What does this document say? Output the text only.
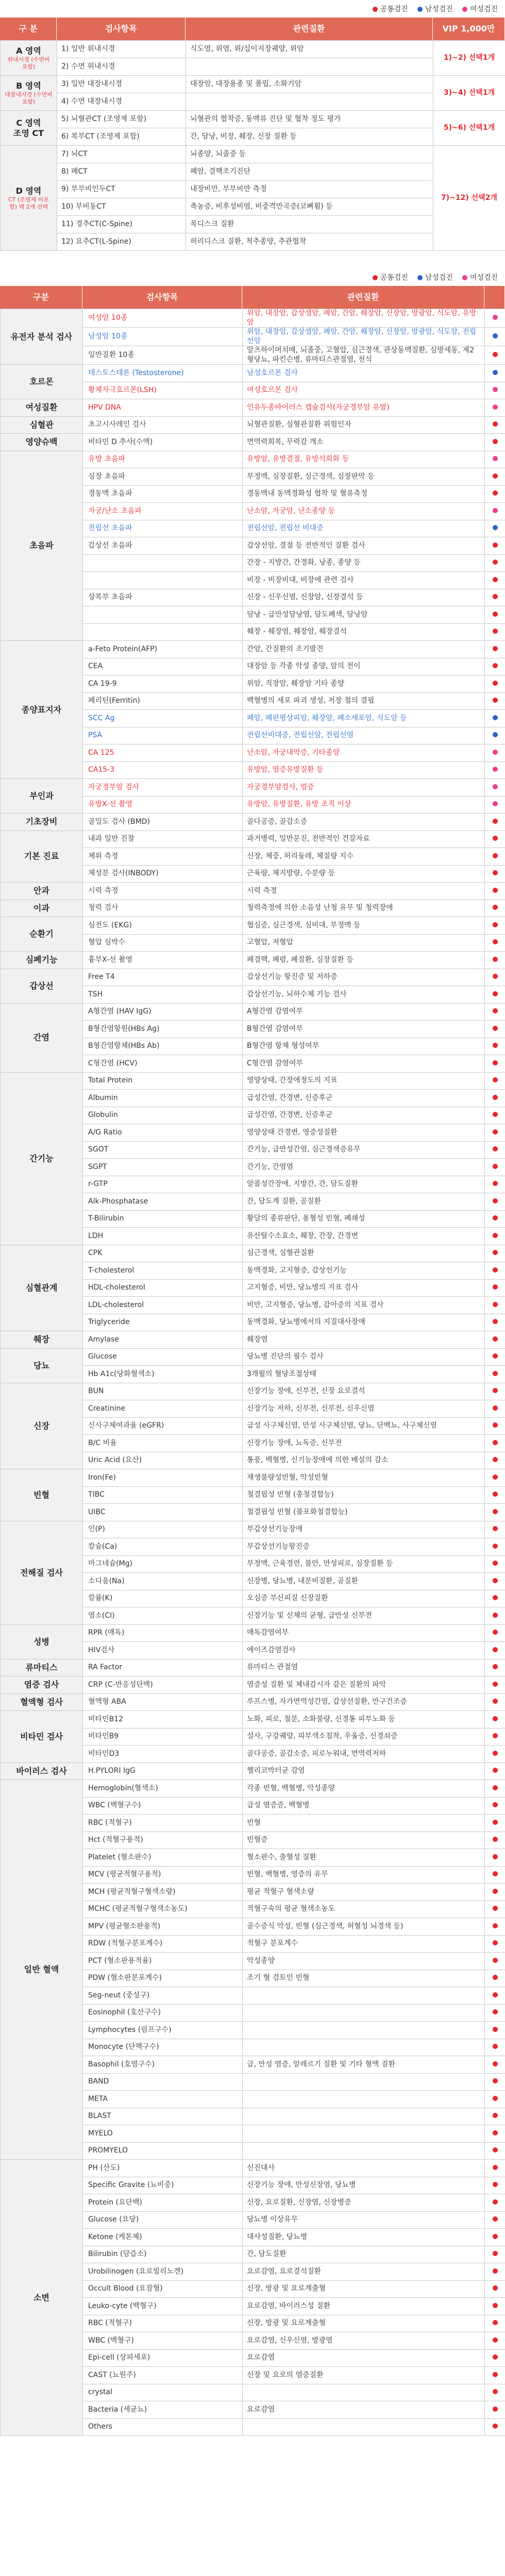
공통검진	남성검진	여성검진
구 분	검사항목	관련질환	VIP 1,000만
A 영역
위내시경 (수면비 포함)	1) 일반 위내시경	식도염, 위염, 위/십이지장궤양, 위암	1)~2) 선택1개
	2) 수면 위내시경		

B 영역
대장내시경 (수면비 포함)	3) 일반 대장내시경	대장암, 대장용종 및 폴립, 소화기암	3)~4) 선택1개
	4) 수면 대장내시경		

C 영역
조영 CT	5) 뇌혈관CT (조영제 포함)	뇌혈관의 협착증, 동맥류 진단 및 협착 정도 평가	5)~6) 선택1개
	6) 복부CT (조영제 포함)	간, 담낭, 비장, 췌장, 신장 질환 등	

D 영역
CT (조영제 미포함) 택 2개 선택	7) 뇌CT	뇌종양, 뇌졸중 등	7)~12) 선택2개
	8) 폐CT	폐암, 결핵조기진단	
	9) 부부비인두CT	내장비만, 부부비만 측정	
	10) 부비동CT	축농증, 비후성비염, 비중격만곡증(코뼈휨) 등	
	11) 경추CT(C-Spine)	목디스크 질환	
	12) 요추CT(L-Spine)	허리디스크 질환, 척추종양, 추관협착	
공통검진	남성검진	여성검진
구분	검사항목	관련질환
유전자 분석 검사	여성암 10종	위암, 대장암, 갑상샘암, 폐암, 간암, 췌장암, 신장암, 방광암, 식도암, 유방암	
	남성암 10종	위암, 대장암, 갑상샘암, 폐암, 간암, 췌장암, 신장암, 방광암, 식도암, 전립선암	
	일반질환 10종	알츠하이머치매, 뇌졸중, 고혈압, 심근경색, 관상동맥질환, 심방세동, 제2형당뇨, 파킨슨병, 류마티스관절염, 천식	
호르몬	테스토스테론 (Testosterone)	남성호르몬 검사	
	황체자극호르몬(LSH)	여성호르몬 검사	
여성질환	HPV DNA	인유두종바이러스 캡슐검사(자궁경부암 유발)	
심혈관	초고시사레인 검사	뇌혈관질환, 심혈관질환 위험인자	
영양슈백	비타민 D 추사(수액)	면역력회복, 무력감 개소	
초음파	유방 초음파	유방암, 유방결절, 유방석회화 등	
	심장 초음파	부정맥, 심장질환, 심근경색, 심장판막 등	
	경동맥 초음파	경동맥내 동맥경화성 협착 및 혈류측정	
	자궁/난소 초음파	난소암, 자궁암, 난소종양 등	
	전립선 초음파	전립선암, 전립선 비대증	
	갑상선 초음파	갑상선암, 결절 등 전반적인 질환 검사	
		간장 - 지방간, 간경화, 낭종, 종양 등	
		비장 - 비장비대, 비장에 관련 검사	
	상복부 초음파	신장 - 신우신염, 신장암, 신장결석 등	
		담낭 - 급만성담낭염, 담도폐색, 담낭암	
		췌장 - 췌장염, 췌장암, 췌장결석	
종양표지자	a-Feto Protein(AFP)	간암, 간질환의 조기발견	
	CEA	대장암 등 각종 악성 종양, 암의 전이	
	CA 19-9	위암, 직장암, 췌장암 기타 종양	
	페리틴(Ferritin)	백혈병의 세포 파괴 생성, 저장 철의 결핍	
	SCC Ag	폐암, 폐편평상피암, 췌장암, 폐소세포암, 식도암 등	
	PSA	전립선비대증, 전립선암, 전립선염	
	CA 125	난소암, 자궁내막증, 기타종양	
	CA15-3	유방암, 염증유방질환 등	
부인과	자궁경부암 검사	자궁경부암검사, 염증	
	유방X-선 촬영	유방암, 유방질환, 유방 조직 이상	
기초장비	골밀도 검사 (BMD)	골다공증, 골감소증	
기본 진료	내과 일반 진찰	과거병력, 일반문진, 전반적인 건강자료	
	체위 측정	신장, 체중, 허리둘레, 체질량 지수	
	체성분 검사(INBODY)	근육량, 체지방량, 수분량 등	
안과	시력 측정	시력 측정	
이과	청력 검사	청력측정에 의한 소음성 난청 유무 및 청력장애	
순환기	심전도 (EKG)	협심증, 심근경색, 심비대, 부정맥 등	
	혈압 심박수	고혈압, 저혈압	
심폐기능	흉부X-선 촬영	폐결핵, 폐렴, 폐질환, 심장질환 등	
갑상선	Free T4	갑상선기능 항진증 및 저하증	
	TSH	갑상선기능, 뇌하수체 기능 검사	
간염	A형간염 (HAV IgG)	A형간염 감염여부	
	B형간염항원(HBs Ag)	B형간염 감염여부	
	B형간염항체(HBs Ab)	B형간염 항체 형성여부	
	C형간염 (HCV)	C형간염 감염여부	
간기능	Total Protein	영양상태, 간장애정도의 지표	
	Albumin	급성간염, 간경변, 신증후군	
	Globulin	급성간염, 간경변, 신증후군	
	A/G Ratio	영양상태 간경변, 영증성질환	
	SGOT	간기능, 급만성간염, 심근경색증유무	
	SGPT	간기능, 간염염	
	r-GTP	알콜성간장애, 지방간, 간, 담도질환	
	Alk-Phosphatase	간, 담도계 질환, 골질환	
	T-Bilirubin	황달의 종류판단, 용혈성 빈혈, 폐쇄성	
	LDH	유산탈수소효소, 췌장, 간장, 간경변	
심혈관계	CPK	심근경색, 심혈관질환	
	T-cholesterol	동맥경화, 고지혈증, 갑상선기능	
	HDL-cholesterol	고지혈증, 비만, 당뇨병의 지표 검사	
	LDL-cholesterol	비만, 고지혈증, 당뇨병, 갑아증의 지표 검사	
	Triglyceride	동맥경화, 당뇨병에서의 지질대사장애	
췌장	Amylase	췌장염	
당뇨	Glucose	당뇨병 진단의 필수 검사	
	Hb A1c(당화혈색소)	3개월의 혈당조절상태	
신장	BUN	신장기능 장애, 신부전, 신장 요로결석	
	Creatinine	신장기능 저하, 신부전, 신부전, 신우신염	
	신사구체여과율 (eGFR)	급성 사구체신염, 만성 사구체신염, 당뇨, 단백뇨, 사구체신염	
	B/C 비율	신장기능 장애, 뇨독증, 신부전	
	Uric Acid (요산)	통풍, 백혈병, 신기능장애에 의한 배설의 감소	
빈혈	Iron(Fe)	재생불량성빈혈, 악성빈혈	
	TIBC	철결핍성 빈혈 (총철결합능)	
	UIBC	철결핍성 빈혈 (불포화철결합능)	
전해질 검사	인(P)	부갑상선기능장애	
	칼슘(Ca)	부갑상선기능항진증	
	마그네슘(Mg)	부정맥, 근육경련, 불안, 만성피로, 심장질환 등	
	소디움(Na)	신장병, 당뇨병, 내분비질환, 골질환	
	칼륨(K)	오심증 부신피질 신장질환	
	염소(Cl)	신장기능 및 신체의 균형, 급만성 신부전	
성병	RPR (매독)	매독감염여부	
	HIV검사	에이즈감염검사	
류마티스	RA Factor	류마티스 관절염	
염증 검사	CRP (C-반응성단백)	염증성 질환 및 체내감시자 같은 질환의 파악	
혈액형 검사	혈액형 ABA	루프스병, 자가면역성간염, 갑상선질환, 만구건조증	
비타민 검사	비타민B12	노화, 피로, 철분, 소화불량, 신경통 피부노화 등	
	비타민B9	설사, 구강궤양, 피부색소침착, 우울증, 신경쇠증	
	비타민D3	골다공증, 골감소증, 피로누워내, 면역력저하	
바이러스 검사	H.PYLORI IgG	헬리코박터균 감염	
일반 혈액	Hemoglobin(혈색소)	각종 빈혈, 백혈병, 악성종양	
	WBC (백혈구수)	급성 염증증, 백혈병	
	RBC (적혈구)	빈혈	
	Hct (적혈구용적)	빈혈증	
	Platelet (혈소판수)	혈소판수, 출혈성 질환	
	MCV (평균적혈구용적)	빈혈, 백혈병, 영증의 유무	
	MCH (평균적혈구혈색소량)	평균 적혈구 혈색소량	
	MCHC (평균적혈구혈색소농도)	적혈구속의 평균 혈색소농도	
	MPV (평균혈소판용적)	골수증식 악성, 빈혈 (심근경색, 허혈성 뇌경색 등)	
	RDW (적혈구분포계수)	적혈구 분포계수	
	PCT (혈소판용적율)	악성종양	
	PDW (혈소판분포계수)	조기 혈 검토인 빈혈	
	Seg-neut (중성구)		
	Eosinophil (호산구수)		
	Lymphocytes (림프구수)		
	Monocyte (단핵구수)		
	Basophil (호염구수)	급, 만성 염증, 알레르기 질환 및 기타 혈액 질환	
	BAND		
	META		
	BLAST		
	MYELO		
	PROMYELO		
소변	PH (산도)	신진대사	
	Specific Gravite (뇨비중)	신장기능 장애, 만성신장염, 당뇨병	
	Protein (요단백)	신장, 요로질환, 신장염, 신장병증	
	Glucose (요당)	당뇨병 이상유무	
	Ketone (케톤체)	대사성질환, 당뇨병	
	Bilirubin (담즙소)	간, 담도질환	
	Urobilinogen (요로빌리노겐)	요로감염, 요로결석질환	
	Occult Blood (요잠혈)	신장, 방광 및 요로계출혈	
	Leuko-cyte (백혈구)	요로감염, 바이러스성 질환	
	RBC (적혈구)	신장, 방광 및 요로계출혈	
	WBC (백혈구)	요로감염, 신우신염, 방광염	
	Epi-cell (상피세포)	요로감염	
	CAST (뇨원주)	신장 및 요로의 염증질환	
	crystal		
	Bacteria (세균뇨)	요로감염	
	Others		
